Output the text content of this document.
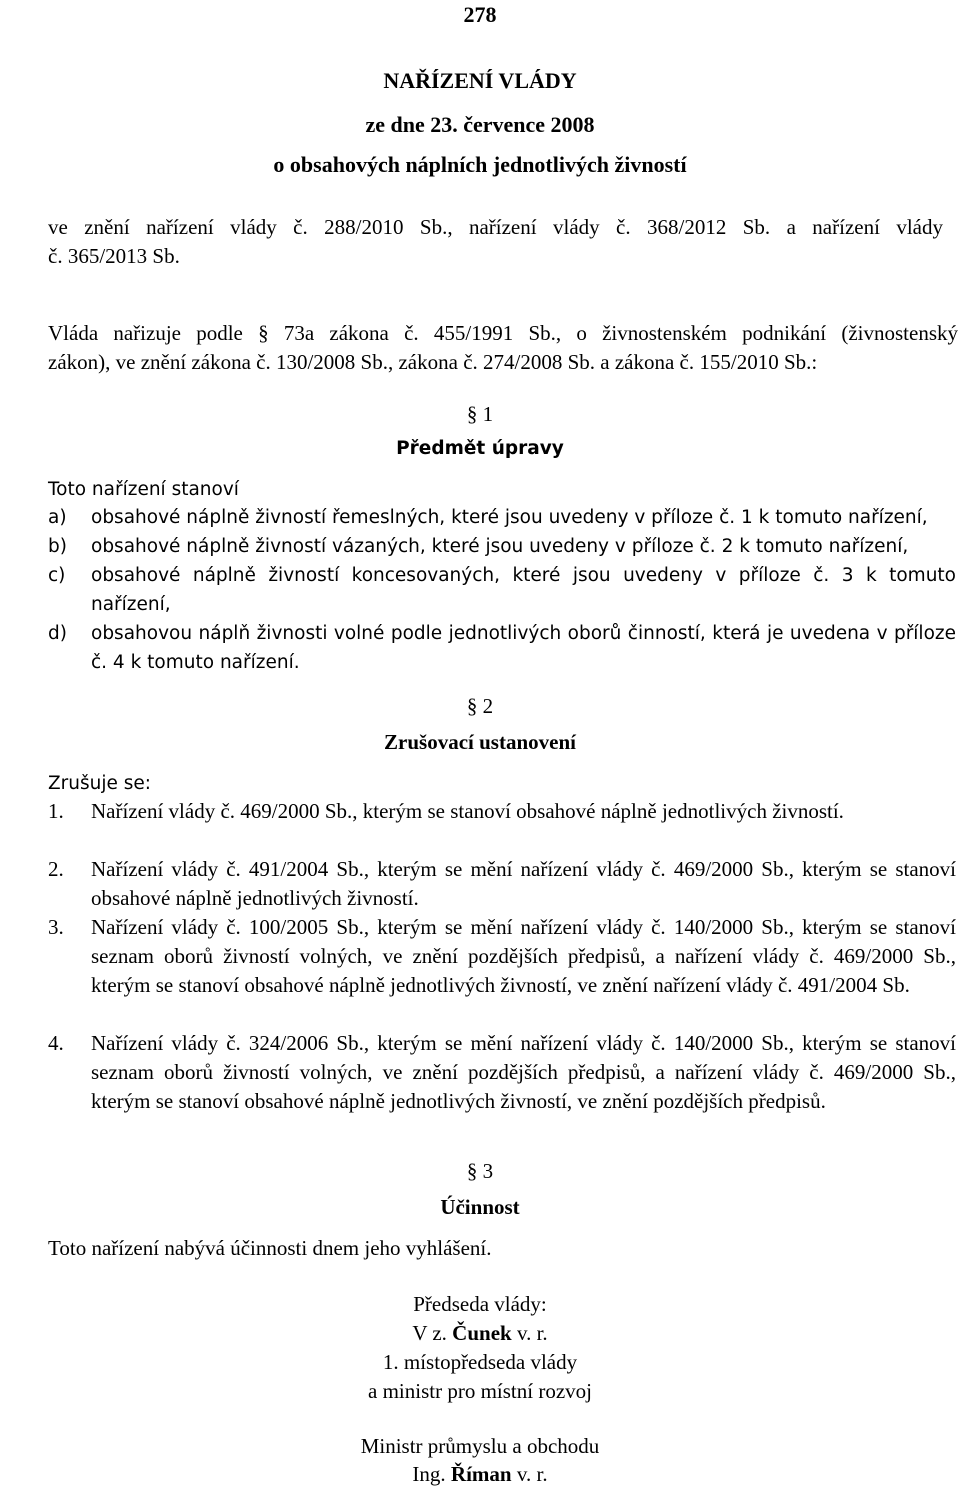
278
NAŘÍZENÍ VLÁDY
ze dne 23. července 2008
o obsahových náplních jednotlivých živností
ve znění nařízení vlády č. 288/2010 Sb., nařízení vlády č. 368/2012 Sb. a nařízení vlády
č. 365/2013 Sb.
Vláda nařizuje podle § 73a zákona č. 455/1991 Sb., o živnostenském podnikání (živnostenský
zákon), ve znění zákona č. 130/2008 Sb., zákona č. 274/2008 Sb. a zákona č. 155/2010 Sb.:
§ 1
Předmět úpravy
Toto nařízení stanoví
a)	obsahové náplně živností řemeslných, které jsou uvedeny v příloze č. 1 k tomuto nařízení,
b)	obsahové náplně živností vázaných, které jsou uvedeny v příloze č. 2 k tomuto nařízení,
c)	obsahové náplně živností koncesovaných, které jsou uvedeny v příloze č. 3 k tomuto nařízení,
d)	obsahovou náplň živnosti volné podle jednotlivých oborů činností, která je uvedena v příloze č. 4 k tomuto nařízení.
§ 2
Zrušovací ustanovení
Zrušuje se:
1. Nařízení vlády č. 469/2000 Sb., kterým se stanoví obsahové náplně jednotlivých živností.
2. Nařízení vlády č. 491/2004 Sb., kterým se mění nařízení vlády č. 469/2000 Sb., kterým se stanoví obsahové náplně jednotlivých živností.
3. Nařízení vlády č. 100/2005 Sb., kterým se mění nařízení vlády č. 140/2000 Sb., kterým se stanoví seznam oborů živností volných, ve znění pozdějších předpisů, a nařízení vlády č. 469/2000 Sb., kterým se stanoví obsahové náplně jednotlivých živností, ve znění nařízení vlády č. 491/2004 Sb.
4. Nařízení vlády č. 324/2006 Sb., kterým se mění nařízení vlády č. 140/2000 Sb., kterým se stanoví seznam oborů živností volných, ve znění pozdějších předpisů, a nařízení vlády č. 469/2000 Sb., kterým se stanoví obsahové náplně jednotlivých živností, ve znění pozdějších předpisů.
§ 3
Účinnost
Toto nařízení nabývá účinnosti dnem jeho vyhlášení.
Předseda vlády:
V z. Čunek v. r.
1. místopředseda vlády
a ministr pro místní rozvoj
Ministr průmyslu a obchodu
Ing. Říman v. r.
